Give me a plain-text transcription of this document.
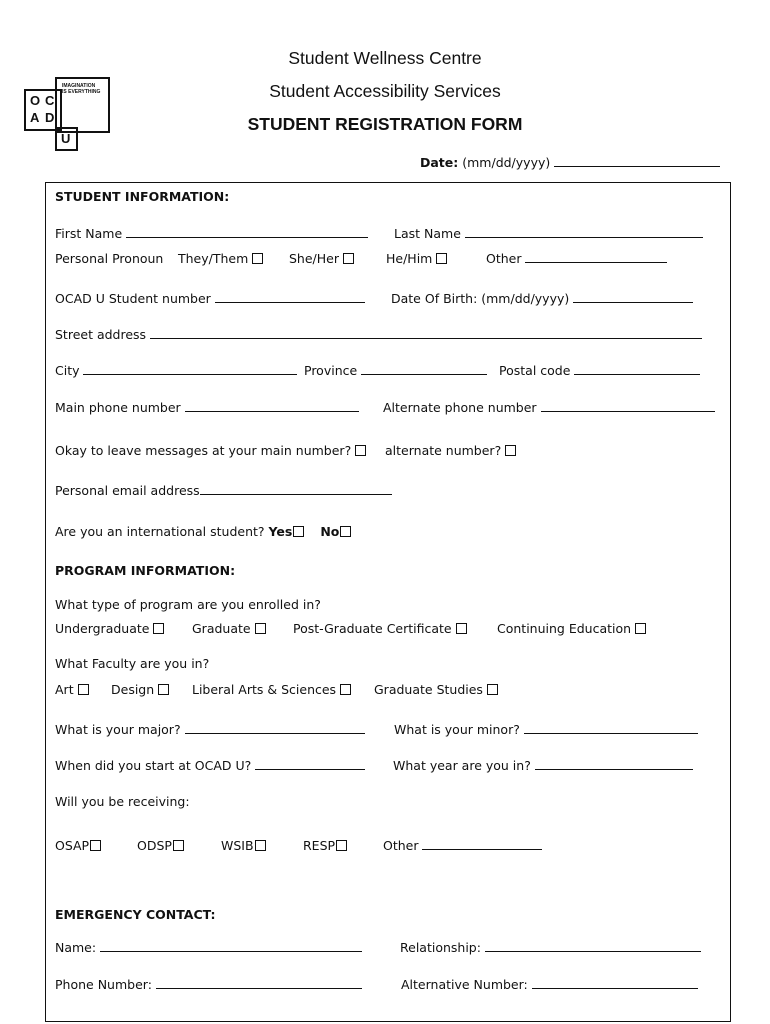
O C
A D
IMAGINATION
IS EVERYTHING
U
Student Wellness Centre
Student Accessibility Services
STUDENT REGISTRATION FORM
Date: (mm/dd/yyyy)
STUDENT INFORMATION:
First Name	Last Name
Personal Pronoun They/Them	She/Her	He/Him	Other
OCAD U Student number	Date Of Birth: (mm/dd/yyyy)
Street address
City	Province	Postal code
Main phone number	Alternate phone number
Okay to leave messages at your main number?	alternate number?
Personal email address
Are you an international student? Yes No
PROGRAM INFORMATION:
What type of program are you enrolled in?
Undergraduate	Graduate	Post-Graduate Certificate	Continuing Education
What Faculty are you in?
Art	Design	Liberal Arts & Sciences	Graduate Studies
What is your major?	What is your minor?
When did you start at OCAD U?	What year are you in?
Will you be receiving:
OSAP	ODSP	WSIB	RESP	Other
EMERGENCY CONTACT:
Name:	Relationship:
Phone Number:	Alternative Number:
